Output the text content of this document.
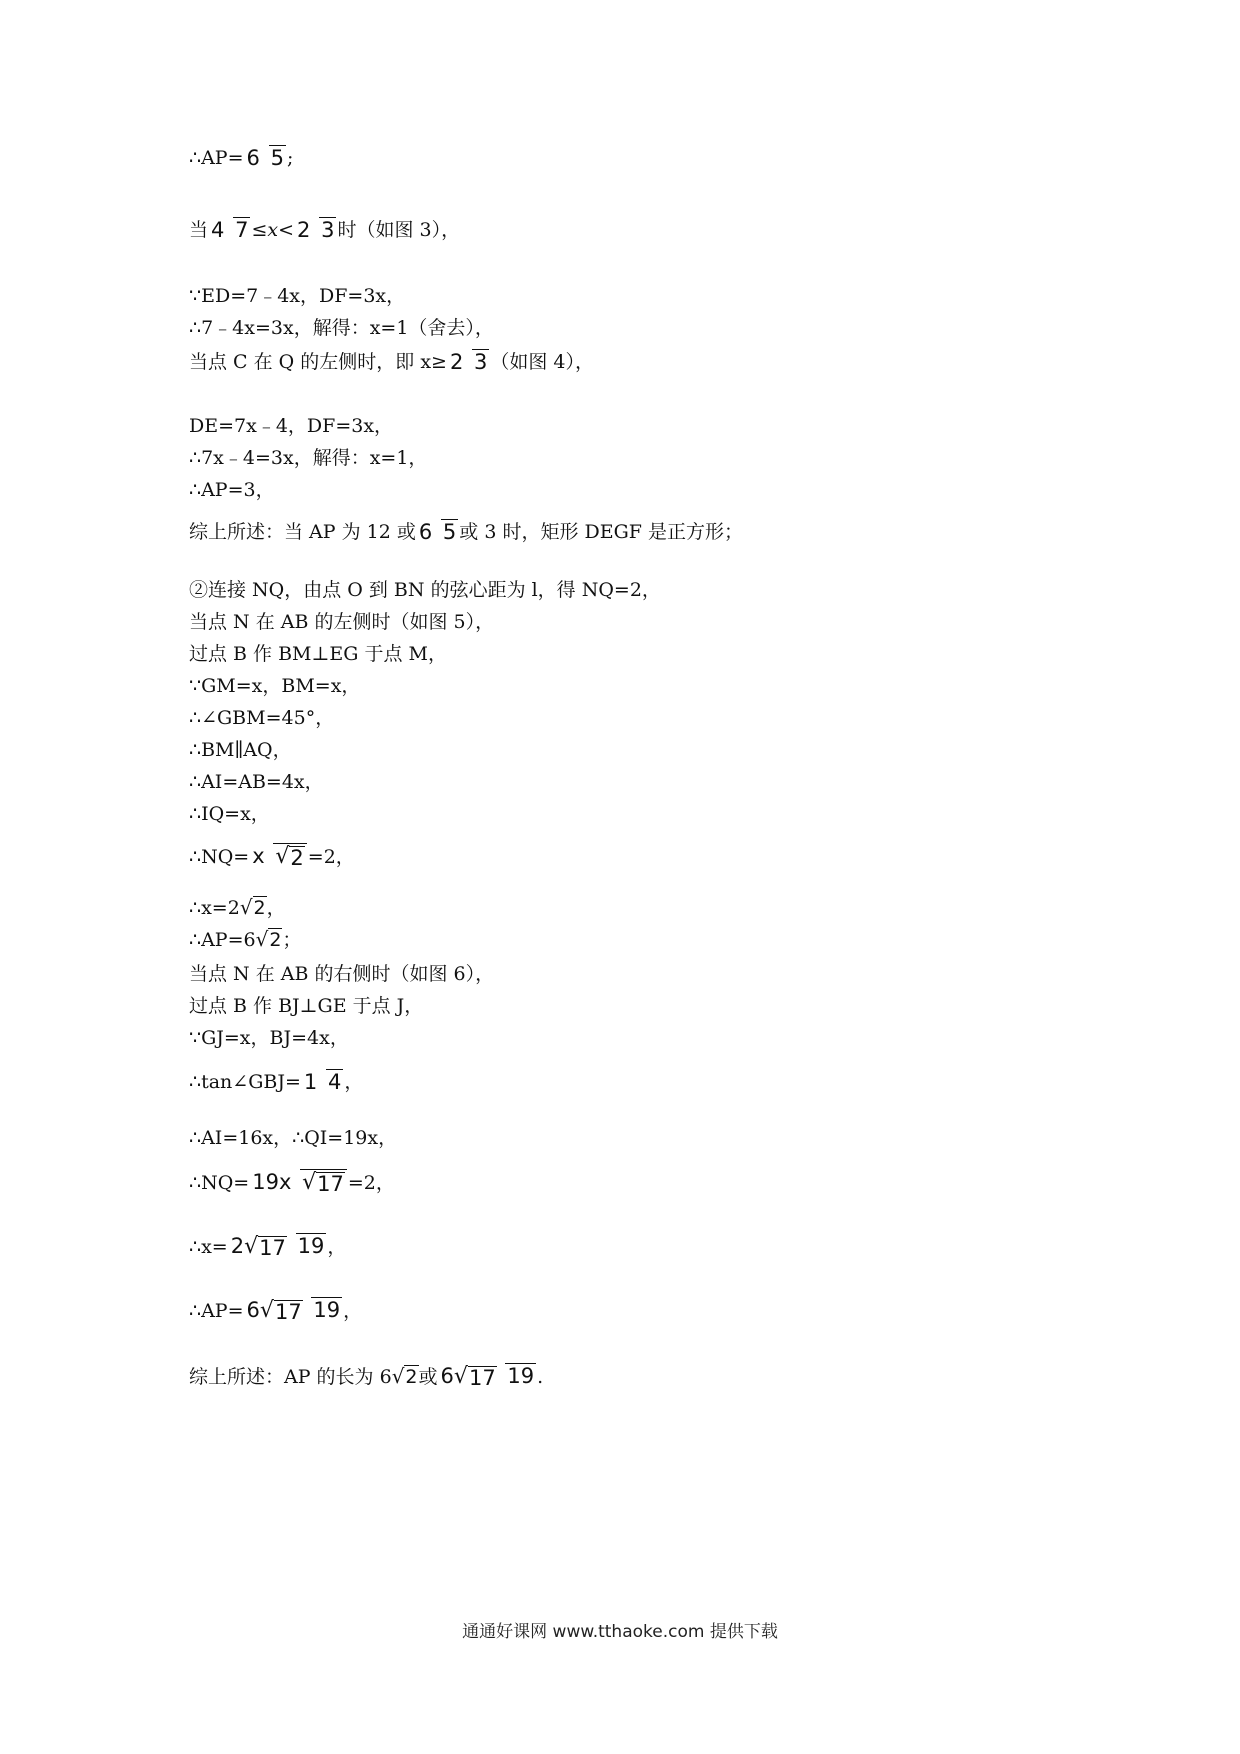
∴AP= 6 5 ;
当 4 7 ≤x< 2 3 时（如图 3），
∵ED=7﹣4x，DF=3x，
∴7﹣4x=3x，解得：x=1（舍去），
当点 C 在 Q 的左侧时，即 x≥ 2 3 （如图 4），
DE=7x﹣4，DF=3x，
∴7x﹣4=3x，解得：x=1，
∴AP=3，
综上所述：当 AP 为 12 或 6 5 或 3 时，矩形 DEGF 是正方形；
②连接 NQ，由点 O 到 BN 的弦心距为 l，得 NQ=2，
当点 N 在 AB 的左侧时（如图 5），
过点 B 作 BM⊥EG 于点 M，
∵GM=x，BM=x，
∴∠GBM=45°，
∴BM∥AQ，
∴AI=AB=4x，
∴IQ=x，
∴NQ= x √ 2 =2，
∴x=2 √2 ，
∴AP=6 √2 ；
当点 N 在 AB 的右侧时（如图 6），
过点 B 作 BJ⊥GE 于点 J，
∵GJ=x，BJ=4x，
∴tan∠GBJ= 1 4 ，
∴AI=16x，∴QI=19x，
∴NQ= 19x √ 17 =2，
∴x= 2 √ 17 19 ，
∴AP= 6 √ 17 19 ，
综上所述：AP 的长为 6 √2 或 6 √ 17 19 .
通通好课网 www.tthaoke.com 提供下载
